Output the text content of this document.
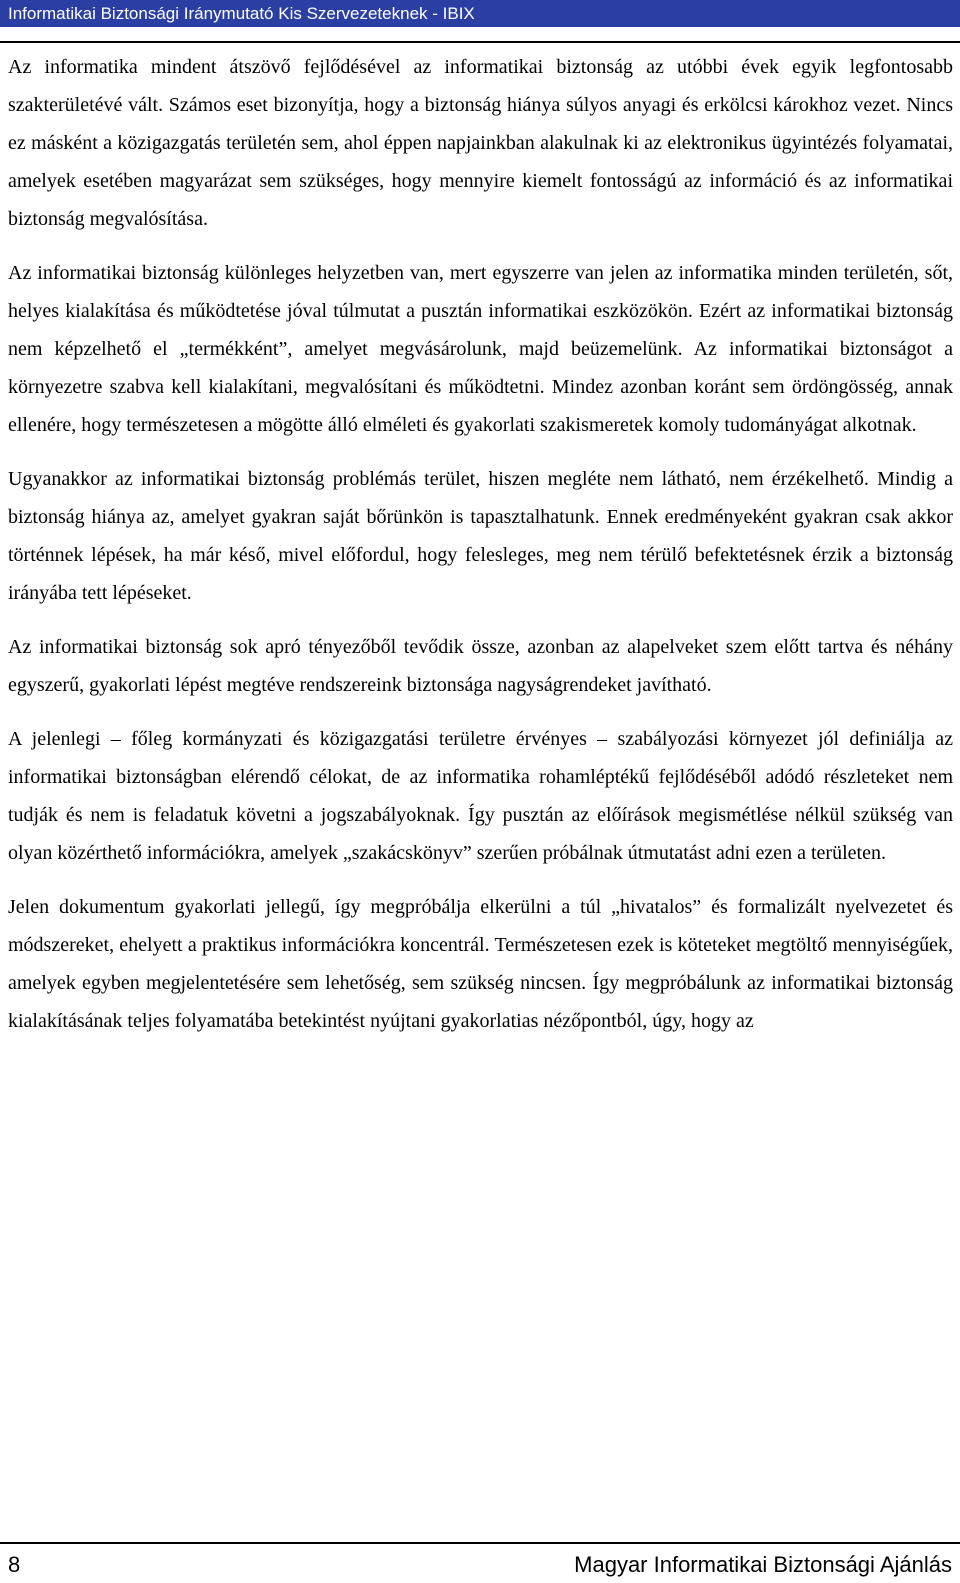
Informatikai Biztonsági Iránymutató Kis Szervezeteknek - IBIX

Az informatika mindent átszövő fejlődésével az informatikai biztonság az utóbbi évek egyik legfontosabb szakterületévé vált. Számos eset bizonyítja, hogy a biztonság hiánya súlyos anyagi és erkölcsi károkhoz vezet. Nincs ez másként a közigazgatás területén sem, ahol éppen napjainkban alakulnak ki az elektronikus ügyintézés folyamatai, amelyek esetében magyarázat sem szükséges, hogy mennyire kiemelt fontosságú az információ és az informatikai biztonság megvalósítása.

Az informatikai biztonság különleges helyzetben van, mert egyszerre van jelen az informatika minden területén, sőt, helyes kialakítása és működtetése jóval túlmutat a pusztán informatikai eszközökön. Ezért az informatikai biztonság nem képzelhető el „termékként”, amelyet megvásárolunk, majd beüzemelünk. Az informatikai biztonságot a környezetre szabva kell kialakítani, megvalósítani és működtetni. Mindez azonban koránt sem ördöngösség, annak ellenére, hogy természetesen a mögötte álló elméleti és gyakorlati szakismeretek komoly tudományágat alkotnak.

Ugyanakkor az informatikai biztonság problémás terület, hiszen megléte nem látható, nem érzékelhető. Mindig a biztonság hiánya az, amelyet gyakran saját bőrünkön is tapasztalhatunk. Ennek eredményeként gyakran csak akkor történnek lépések, ha már késő, mivel előfordul, hogy felesleges, meg nem térülő befektetésnek érzik a biztonság irányába tett lépéseket.

Az informatikai biztonság sok apró tényezőből tevődik össze, azonban az alapelveket szem előtt tartva és néhány egyszerű, gyakorlati lépést megtéve rendszereink biztonsága nagyságrendeket javítható.

A jelenlegi – főleg kormányzati és közigazgatási területre érvényes – szabályozási környezet jól definiálja az informatikai biztonságban elérendő célokat, de az informatika rohamléptékű fejlődéséből adódó részleteket nem tudják és nem is feladatuk követni a jogszabályoknak. Így pusztán az előírások megismétlése nélkül szükség van olyan közérthető információkra, amelyek „szakácskönyv” szerűen próbálnak útmutatást adni ezen a területen.

Jelen dokumentum gyakorlati jellegű, így megpróbálja elkerülni a túl „hivatalos” és formalizált nyelvezetet és módszereket, ehelyett a praktikus információkra koncentrál. Természetesen ezek is köteteket megtöltő mennyiségűek, amelyek egyben megjelentetésére sem lehetőség, sem szükség nincsen. Így megpróbálunk az informatikai biztonság kialakításának teljes folyamatába betekintést nyújtani gyakorlatias nézőpontból, úgy, hogy az

8	Magyar Informatikai Biztonsági Ajánlás
